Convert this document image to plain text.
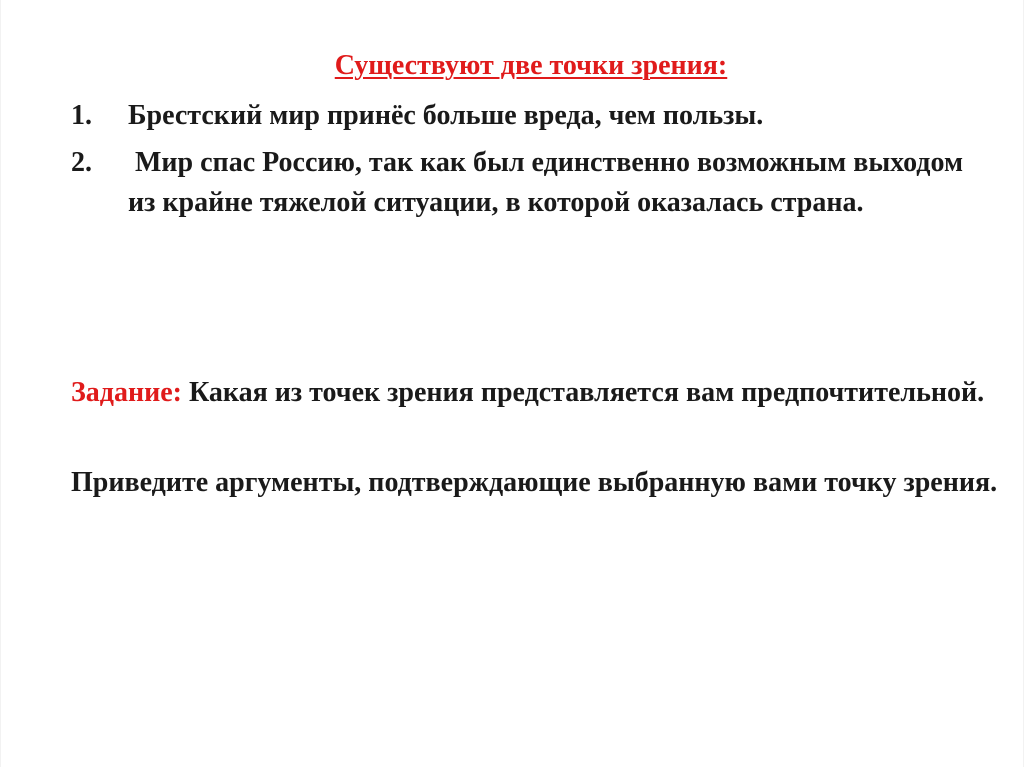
Существуют две точки зрения:
1. Брестский мир принёс больше вреда, чем пользы.
2. Мир спас Россию, так как был единственно возможным выходом из крайне тяжелой ситуации, в которой оказалась страна.
Задание: Какая из точек зрения представляется вам предпочтительной.
Приведите аргументы, подтверждающие выбранную вами точку зрения.
